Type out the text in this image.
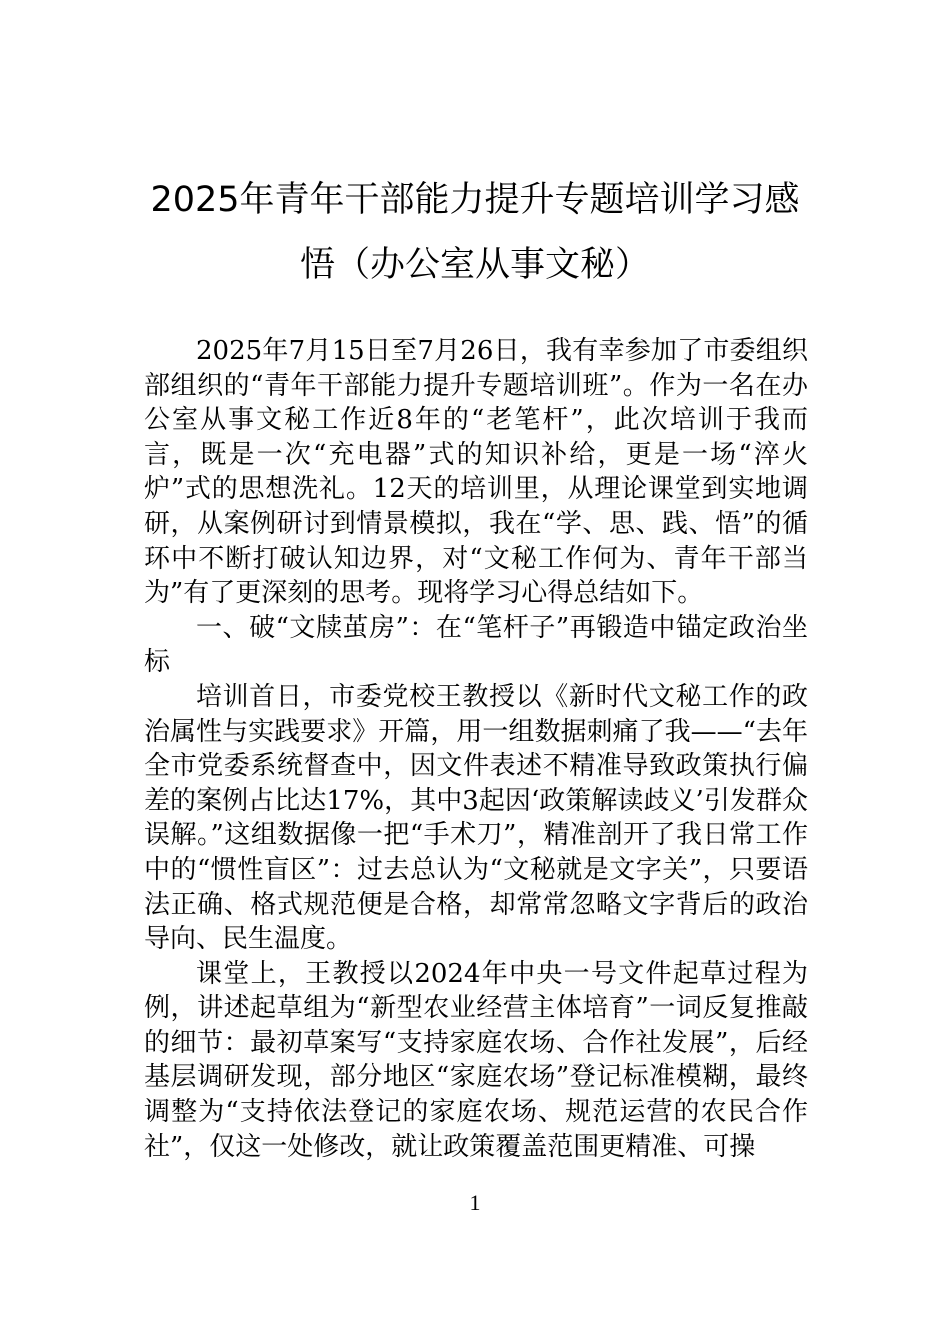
2025年青年干部能力提升专题培训学习感
悟（办公室从事文秘）

2025年7月15日至7月26日，我有幸参加了市委组织部组织的“青年干部能力提升专题培训班”。作为一名在办公室从事文秘工作近8年的“老笔杆”，此次培训于我而言，既是一次“充电器”式的知识补给，更是一场“淬火炉”式的思想洗礼。12天的培训里，从理论课堂到实地调研，从案例研讨到情景模拟，我在“学、思、践、悟”的循环中不断打破认知边界，对“文秘工作何为、青年干部当为”有了更深刻的思考。现将学习心得总结如下。

一、破“文牍茧房”：在“笔杆子”再锻造中锚定政治坐标

培训首日，市委党校王教授以《新时代文秘工作的政治属性与实践要求》开篇，用一组数据刺痛了我——“去年全市党委系统督查中，因文件表述不精准导致政策执行偏差的案例占比达17%，其中3起因‘政策解读歧义’引发群众误解。”这组数据像一把“手术刀”，精准剖开了我日常工作中的“惯性盲区”：过去总认为“文秘就是文字关”，只要语法正确、格式规范便是合格，却常常忽略文字背后的政治导向、民生温度。

课堂上，王教授以2024年中央一号文件起草过程为例，讲述起草组为“新型农业经营主体培育”一词反复推敲的细节：最初草案写“支持家庭农场、合作社发展”，后经基层调研发现，部分地区“家庭农场”登记标准模糊，最终调整为“支持依法登记的家庭农场、规范运营的农民合作社”，仅这一处修改，就让政策覆盖范围更精准、可操

1
